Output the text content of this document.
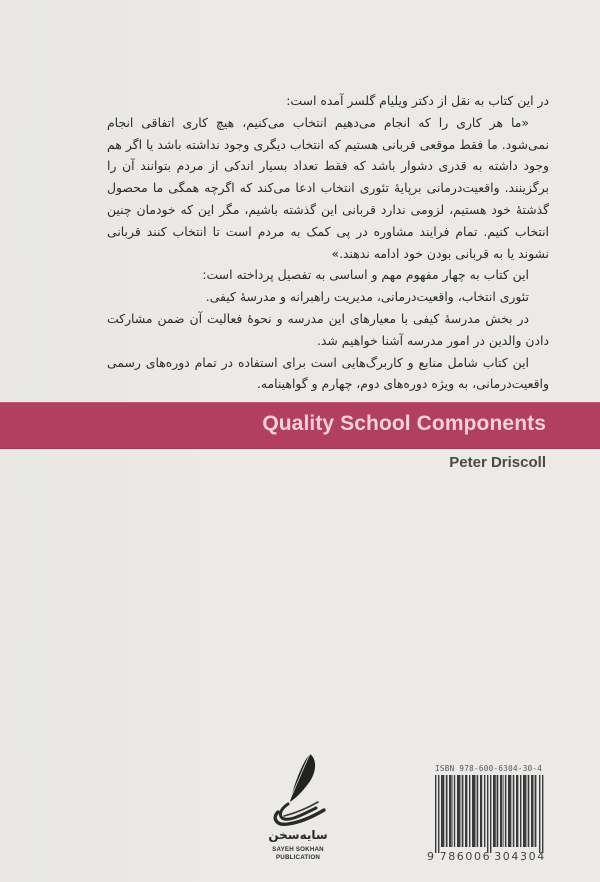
در این کتاب به نقل از دکتر ویلیام گلسر آمده است:

«ما هر کاری را که انجام می‌دهیم انتخاب می‌کنیم، هیچ کاری اتفاقی انجام نمی‌شود. ما فقط موقعی قربانی هستیم که انتخاب دیگری وجود نداشته باشد یا اگر هم وجود داشته به قدری دشوار باشد که فقط تعداد بسیار اندکی از مردم بتوانند آن را برگزینند. واقعیت‌درمانی برپایهٔ تئوری انتخاب ادعا می‌کند که اگرچه همگی ما محصول گذشتهٔ خود هستیم، لزومی ندارد قربانی این گذشته باشیم، مگر این که خودمان چنین انتخاب کنیم. تمام فرایند مشاوره در پی کمک به مردم است تا انتخاب کنند قربانی نشوند یا به قربانی بودن خود ادامه ندهند.»

این کتاب به چهار مفهوم مهم و اساسی به تفصیل پرداخته است:

تئوری انتخاب، واقعیت‌درمانی، مدیریت راهبرانه و مدرسهٔ کیفی.

در بخش مدرسهٔ کیفی با معیارهای این مدرسه و نحوهٔ فعالیت آن ضمن مشارکت دادن والدین در امور مدرسه آشنا خواهیم شد.

این کتاب شامل منابع و کاربرگ‌هایی است برای استفاده در تمام دوره‌های رسمی واقعیت‌درمانی، به ویژه دوره‌های دوم، چهارم و گواهینامه.

Quality School Components
Peter Driscoll
سایه‌سخن
SAYEH SOKHAN
PUBLICATION
ISBN 978-600-6304-30-4
9 786006 304304
